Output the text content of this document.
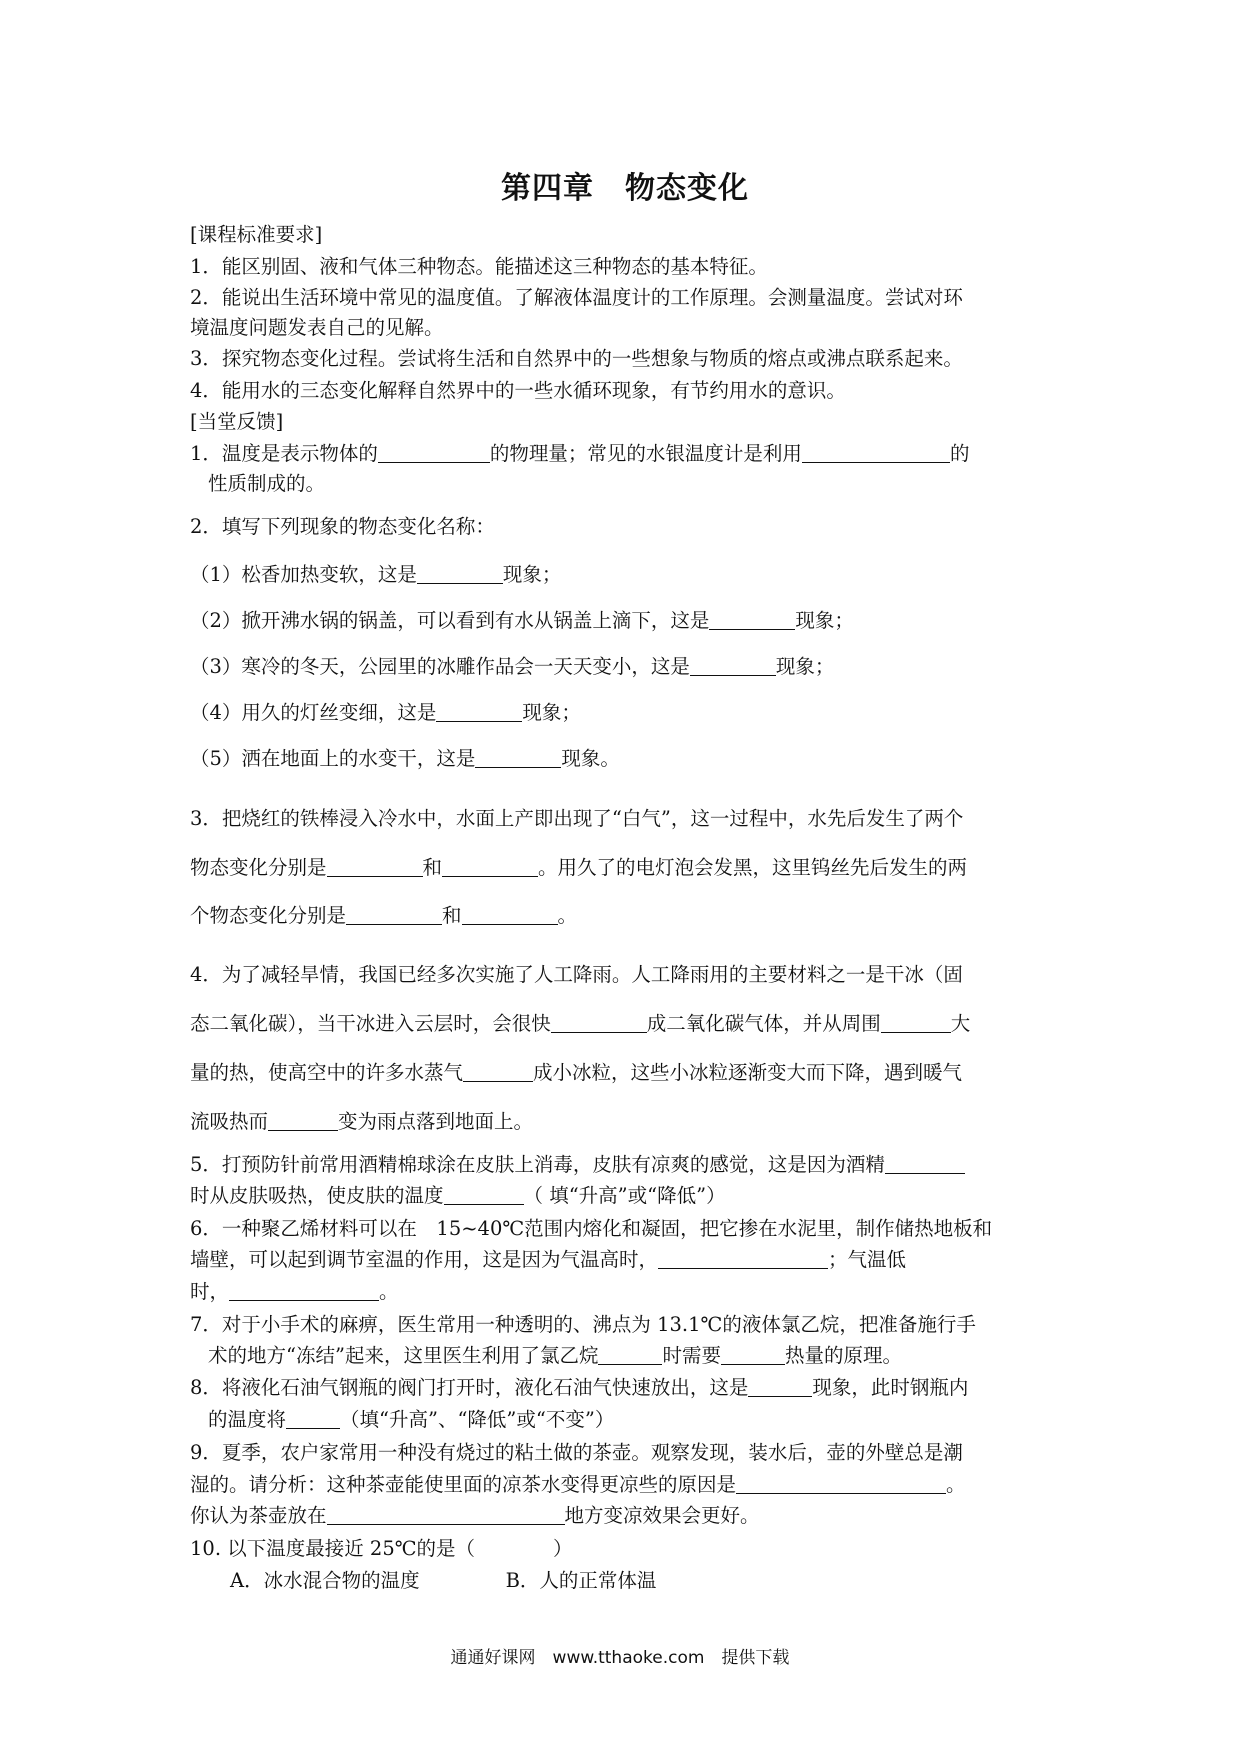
第四章　物态变化
[课程标准要求]
1．能区别固、液和气体三种物态。能描述这三种物态的基本特征。
2．能说出生活环境中常见的温度值。了解液体温度计的工作原理。会测量温度。尝试对环
境温度问题发表自己的见解。
3．探究物态变化过程。尝试将生活和自然界中的一些想象与物质的熔点或沸点联系起来。
4．能用水的三态变化解释自然界中的一些水循环现象，有节约用水的意识。
[当堂反馈]
1．温度是表示物体的	的物理量；常见的水银温度计是利用	的
性质制成的。
2．填写下列现象的物态变化名称：
（1）松香加热变软，这是	现象；
（2）掀开沸水锅的锅盖，可以看到有水从锅盖上滴下，这是	现象；
（3）寒冷的冬天，公园里的冰雕作品会一天天变小，这是	现象；
（4）用久的灯丝变细，这是	现象；
（5）洒在地面上的水变干，这是	现象。
3．把烧红的铁棒浸入冷水中，水面上产即出现了“白气”，这一过程中，水先后发生了两个
物态变化分别是	和	。用久了的电灯泡会发黑，这里钨丝先后发生的两
个物态变化分别是	和	。
4．为了减轻旱情，我国已经多次实施了人工降雨。人工降雨用的主要材料之一是干冰（固
态二氧化碳），当干冰进入云层时，会很快	成二氧化碳气体，并从周围	大
量的热，使高空中的许多水蒸气	成小冰粒，这些小冰粒逐渐变大而下降，遇到暖气
流吸热而	变为雨点落到地面上。
5．打预防针前常用酒精棉球涂在皮肤上消毒，皮肤有凉爽的感觉，这是因为酒精
时从皮肤吸热，使皮肤的温度	（ 填“升高”或“降低”）
6．一种聚乙烯材料可以在　15~40℃范围内熔化和凝固，把它掺在水泥里，制作储热地板和
墙壁，可以起到调节室温的作用，这是因为气温高时，	；气温低
时，	。
7．对于小手术的麻痹，医生常用一种透明的、沸点为 13.1℃的液体氯乙烷，把准备施行手
术的地方“冻结”起来，这里医生利用了氯乙烷	时需要	热量的原理。
8．将液化石油气钢瓶的阀门打开时，液化石油气快速放出，这是	现象，此时钢瓶内
的温度将	（填“升高”、“降低”或“不变”）
9．夏季，农户家常用一种没有烧过的粘土做的茶壶。观察发现，装水后，壶的外壁总是潮
湿的。请分析：这种茶壶能使里面的凉茶水变得更凉些的原因是	。
你认为茶壶放在	地方变凉效果会更好。
10. 以下温度最接近 25℃的是（　　　　）
A．冰水混合物的温度	B．人的正常体温
通通好课网　www.tthaoke.com　提供下载
